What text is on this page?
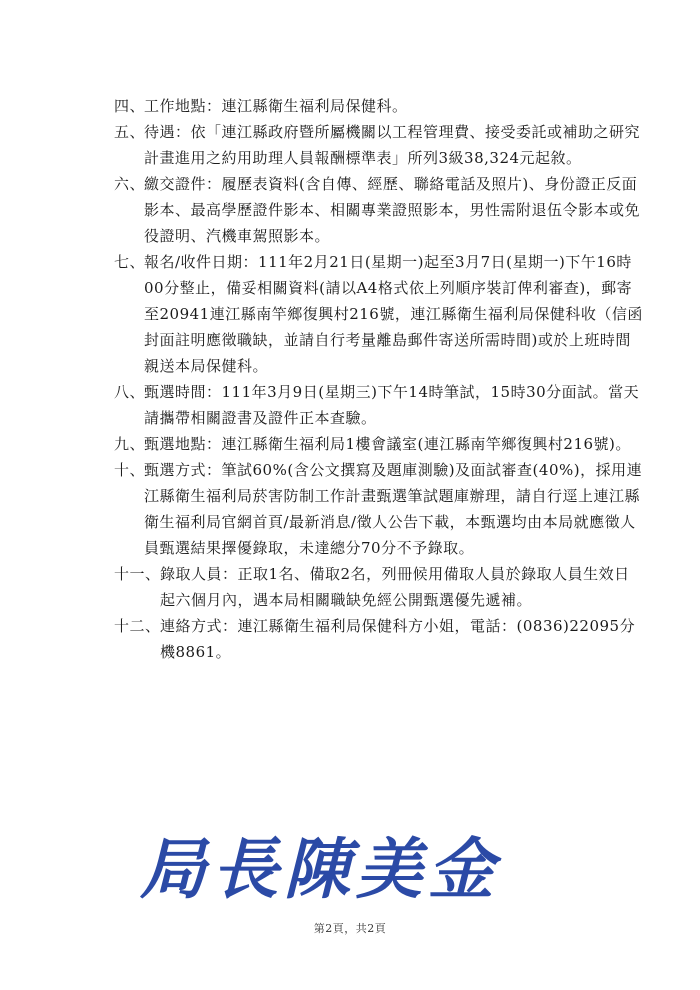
四、
工作地點：連江縣衛生福利局保健科。
五、
待遇：依「連江縣政府暨所屬機關以工程管理費、接受委託或補助之研究計畫進用之約用助理人員報酬標準表」所列3級38,324元起敘。
六、
繳交證件：履歷表資料(含自傳、經歷、聯絡電話及照片)、身份證正反面影本、最高學歷證件影本、相關專業證照影本，男性需附退伍令影本或免役證明、汽機車駕照影本。
七、
報名/收件日期：111年2月21日(星期一)起至3月7日(星期一)下午16時00分整止，備妥相關資料(請以A4格式依上列順序裝訂俾利審查)，郵寄至20941連江縣南竿鄉復興村216號，連江縣衛生福利局保健科收（信函封面註明應徵職缺，並請自行考量離島郵件寄送所需時間)或於上班時間親送本局保健科。
八、
甄選時間：111年3月9日(星期三)下午14時筆試，15時30分面試。當天請攜帶相關證書及證件正本查驗。
九、
甄選地點：連江縣衛生福利局1樓會議室(連江縣南竿鄉復興村216號)。
十、
甄選方式：筆試60%(含公文撰寫及題庫測驗)及面試審查(40%)，採用連江縣衛生福利局菸害防制工作計畫甄選筆試題庫辦理，請自行逕上連江縣衛生福利局官網首頁/最新消息/徵人公告下載，本甄選均由本局就應徵人員甄選結果擇優錄取，未達總分70分不予錄取。
十一、 錄取人員：正取1名、備取2名，列冊候用備取人員於錄取人員生效日起六個月內，遇本局相關職缺免經公開甄選優先遞補。
十二、 連絡方式：連江縣衛生福利局保健科方小姐，電話：(0836)22095分機8861。
局長陳美金
第2頁，共2頁
